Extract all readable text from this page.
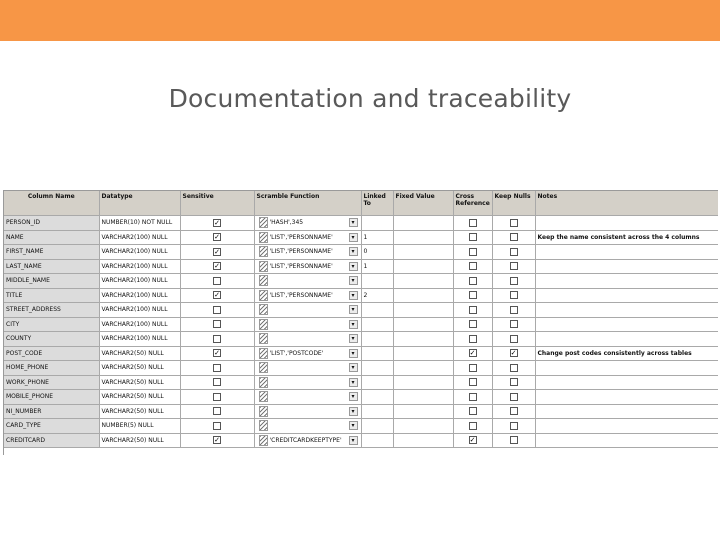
Documentation and traceability
Column Name	Datatype	Sensitive	Scramble Function	Linked To	Fixed Value	Cross Reference	Keep Nulls	Notes
PERSON_ID	NUMBER(10) NOT NULL	✓	'HASH',345 ▾					

NAME	VARCHAR2(100) NULL	✓	'LIST','PERSONNAME' ▾	1				Keep the name consistent across the 4 columns
FIRST_NAME	VARCHAR2(100) NULL	✓	'LIST','PERSONNAME' ▾	0				
LAST_NAME	VARCHAR2(100) NULL	✓	'LIST','PERSONNAME' ▾	1				
MIDDLE_NAME	VARCHAR2(100) NULL		▾					

TITLE	VARCHAR2(100) NULL	✓	'LIST','PERSONNAME' ▾	2				
STREET_ADDRESS	VARCHAR2(100) NULL		▾					

CITY	VARCHAR2(100) NULL		▾					

COUNTY	VARCHAR2(100) NULL		▾					

POST_CODE	VARCHAR2(50) NULL	✓	'LIST','POSTCODE' ▾			✓	✓	Change post codes consistently across tables
HOME_PHONE	VARCHAR2(50) NULL		▾					

WORK_PHONE	VARCHAR2(50) NULL		▾					

MOBILE_PHONE	VARCHAR2(50) NULL		▾					

NI_NUMBER	VARCHAR2(50) NULL		▾					

CARD_TYPE	NUMBER(5) NULL		▾					

CREDITCARD	VARCHAR2(50) NULL	✓	'CREDITCARDKEEPTYPE' ▾			✓		
